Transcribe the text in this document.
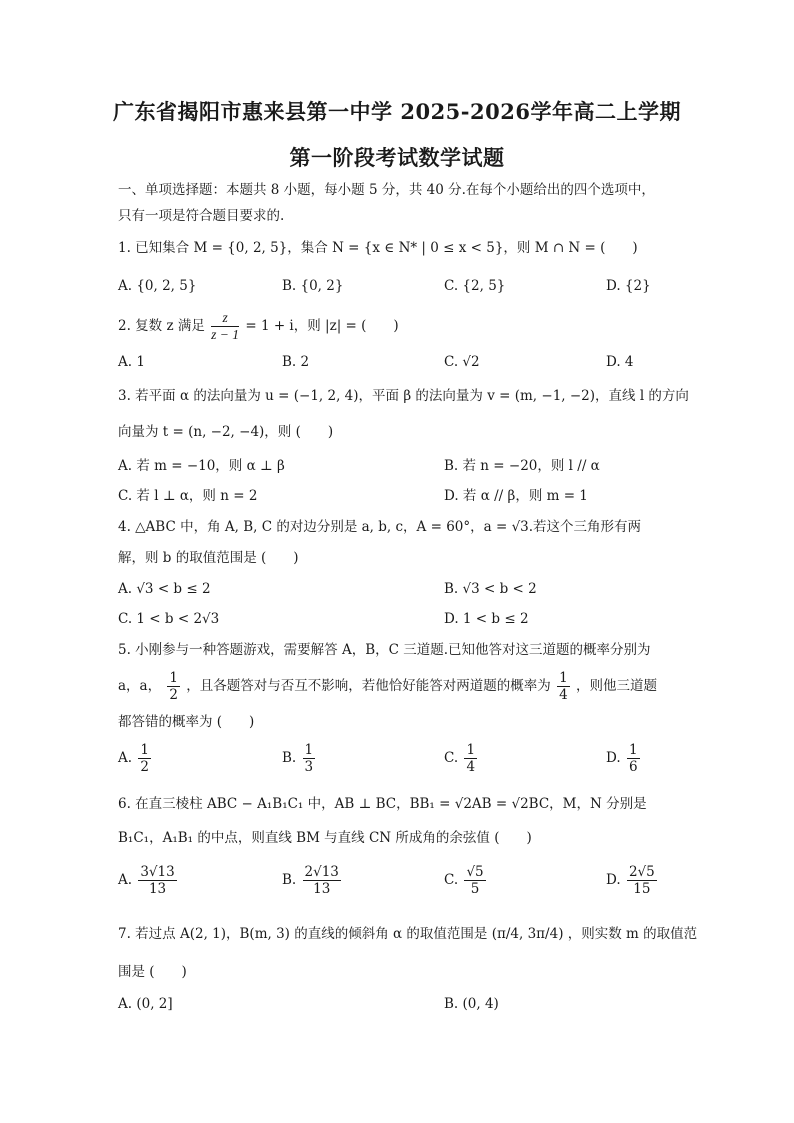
广东省揭阳市惠来县第一中学 2025-2026学年高二上学期
第一阶段考试数学试题
一、单项选择题：本题共 8 小题，每小题 5 分，共 40 分.在每个小题给出的四个选项中，
只有一项是符合题目要求的.
1. 已知集合 M = {0, 2, 5}，集合 N = {x ∈ N* | 0 ≤ x < 5}，则 M ∩ N = (　　)
A. {0, 2, 5}	B. {0, 2}	C. {2, 5}	D. {2}
2. 复数 z 满足 $\frac{z}{z - 1} = 1 + i$，则 |z| = (　　)
A. 1	B. 2	C. √2	D. 4
3. 若平面 α 的法向量为 u = (−1, 2, 4)，平面 β 的法向量为 v = (m, −1, −2)，直线 l 的方向
向量为 t = (n, −2, −4)，则 (　　)
A. 若 m = −10，则 α ⊥ β	B. 若 n = −20，则 l // α
C. 若 l ⊥ α，则 n = 2	D. 若 α // β，则 m = 1
4. △ABC 中，角 A, B, C 的对边分别是 a, b, c，A = 60°，a = √3.若这个三角形有两
解，则 b 的取值范围是 (　　)
A. √3 < b ≤ 2	B. √3 < b < 2
C. 1 < b < 2√3	D. 1 < b ≤ 2
5. 小刚参与一种答题游戏，需要解答 A，B，C 三道题.已知他答对这三道题的概率分别为
a，a， $\frac{1}{2}$ ，且各题答对与否互不影响，若他恰好能答对两道题的概率为 $\frac{1}{4}$ ，则他三道题
都答错的概率为 (　　)
A. $\frac{1}{2}$	B. $\frac{1}{3}$	C. $\frac{1}{4}$	D. $\frac{1}{6}$
6. 在直三棱柱 ABC − A₁B₁C₁ 中，AB ⊥ BC，BB₁ = √2AB = √2BC，M，N 分别是
B₁C₁，A₁B₁ 的中点，则直线 BM 与直线 CN 所成角的余弦值 (　　)
A. $\frac{3√13}{13}$	B. $\frac{2√13}{13}$	C. $\frac{√5}{5}$	D. $\frac{2√5}{15}$
7. 若过点 A(2, 1)，B(m, 3) 的直线的倾斜角 α 的取值范围是 (π/4, 3π/4) ，则实数 m 的取值范
围是 (　　)
A. (0, 2]	B. (0, 4)
